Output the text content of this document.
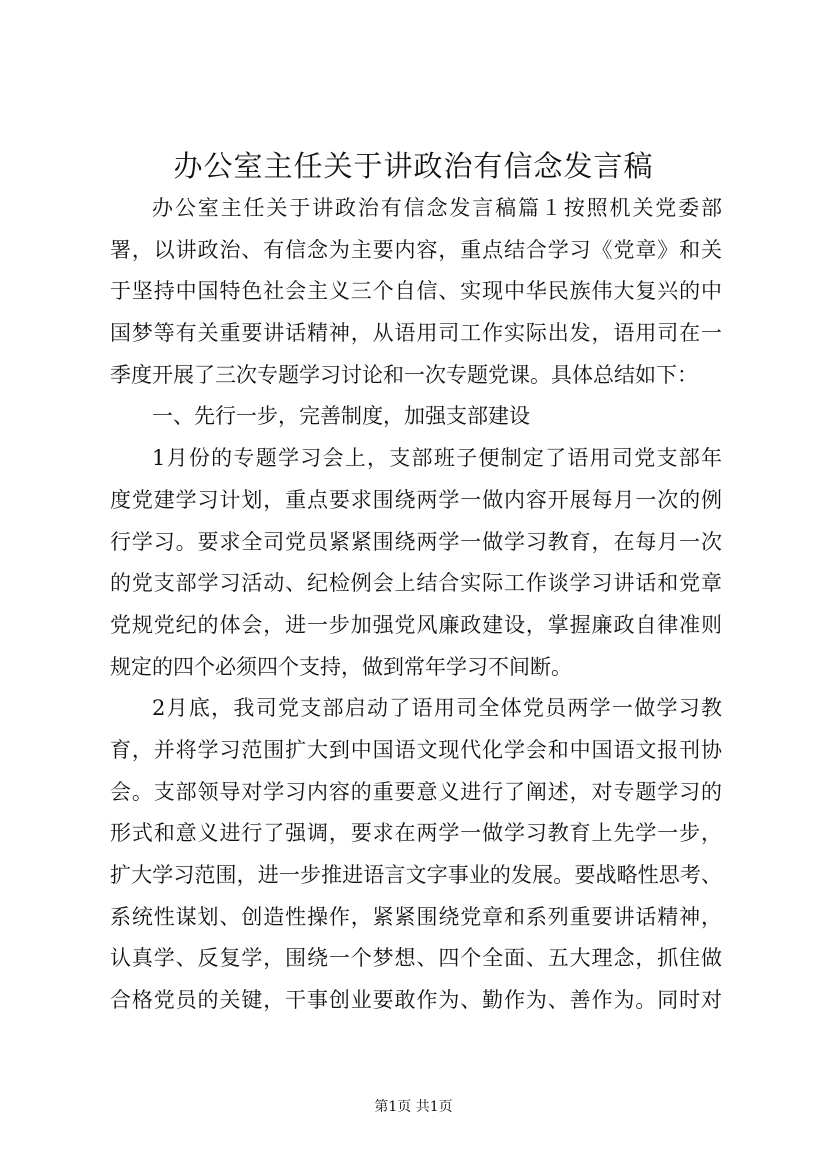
办公室主任关于讲政治有信念发言稿
办公室主任关于讲政治有信念发言稿篇１按照机关党委部
署，以讲政治、有信念为主要内容，重点结合学习《党章》和关
于坚持中国特色社会主义三个自信、实现中华民族伟大复兴的中
国梦等有关重要讲话精神，从语用司工作实际出发，语用司在一
季度开展了三次专题学习讨论和一次专题党课。具体总结如下：
一、先行一步，完善制度，加强支部建设
1月份的专题学习会上，支部班子便制定了语用司党支部年
度党建学习计划，重点要求围绕两学一做内容开展每月一次的例
行学习。要求全司党员紧紧围绕两学一做学习教育，在每月一次
的党支部学习活动、纪检例会上结合实际工作谈学习讲话和党章
党规党纪的体会，进一步加强党风廉政建设，掌握廉政自律准则
规定的四个必须四个支持，做到常年学习不间断。
2月底，我司党支部启动了语用司全体党员两学一做学习教
育，并将学习范围扩大到中国语文现代化学会和中国语文报刊协
会。支部领导对学习内容的重要意义进行了阐述，对专题学习的
形式和意义进行了强调，要求在两学一做学习教育上先学一步，
扩大学习范围，进一步推进语言文字事业的发展。要战略性思考、
系统性谋划、创造性操作，紧紧围绕党章和系列重要讲话精神，
认真学、反复学，围绕一个梦想、四个全面、五大理念，抓住做
合格党员的关键，干事创业要敢作为、勤作为、善作为。同时对
第1页 共1页
